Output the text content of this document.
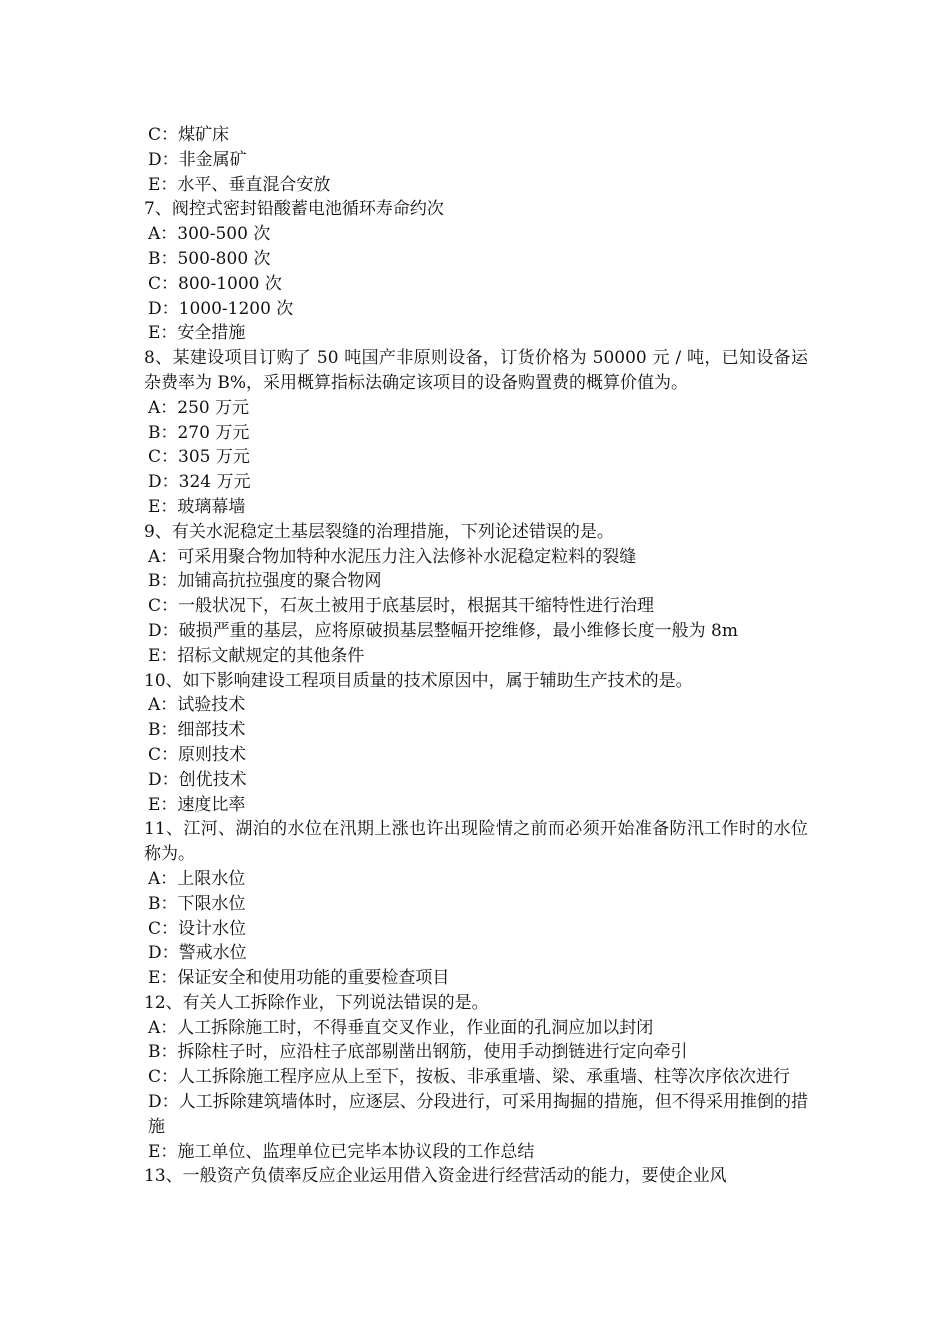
C：煤矿床
D：非金属矿
E：水平、垂直混合安放
7、阀控式密封铅酸蓄电池循环寿命约次
A：300-500 次
B：500-800 次
C：800-1000 次
D：1000-1200 次
E：安全措施
8、某建设项目订购了 50 吨国产非原则设备，订货价格为 50000 元 / 吨，已知设备运杂费率为 B%，采用概算指标法确定该项目的设备购置费的概算价值为。
A：250 万元
B：270 万元
C：305 万元
D：324 万元
E：玻璃幕墙
9、有关水泥稳定土基层裂缝的治理措施，下列论述错误的是。
A：可采用聚合物加特种水泥压力注入法修补水泥稳定粒料的裂缝
B：加铺高抗拉强度的聚合物网
C：一般状况下，石灰土被用于底基层时，根据其干缩特性进行治理
D：破损严重的基层，应将原破损基层整幅开挖维修，最小维修长度一般为 8m
E：招标文献规定的其他条件
10、如下影响建设工程项目质量的技术原因中，属于辅助生产技术的是。
A：试验技术
B：细部技术
C：原则技术
D：创优技术
E：速度比率
11、江河、湖泊的水位在汛期上涨也许出现险情之前而必须开始准备防汛工作时的水位称为。
A：上限水位
B：下限水位
C：设计水位
D：警戒水位
E：保证安全和使用功能的重要检查项目
12、有关人工拆除作业，下列说法错误的是。
A：人工拆除施工时，不得垂直交叉作业，作业面的孔洞应加以封闭
B：拆除柱子时，应沿柱子底部剔凿出钢筋，使用手动捯链进行定向牵引
C：人工拆除施工程序应从上至下，按板、非承重墙、梁、承重墙、柱等次序依次进行
D：人工拆除建筑墙体时，应逐层、分段进行，可采用掏掘的措施，但不得采用推倒的措施
E：施工单位、监理单位已完毕本协议段的工作总结
13、一般资产负债率反应企业运用借入资金进行经营活动的能力，要使企业风
